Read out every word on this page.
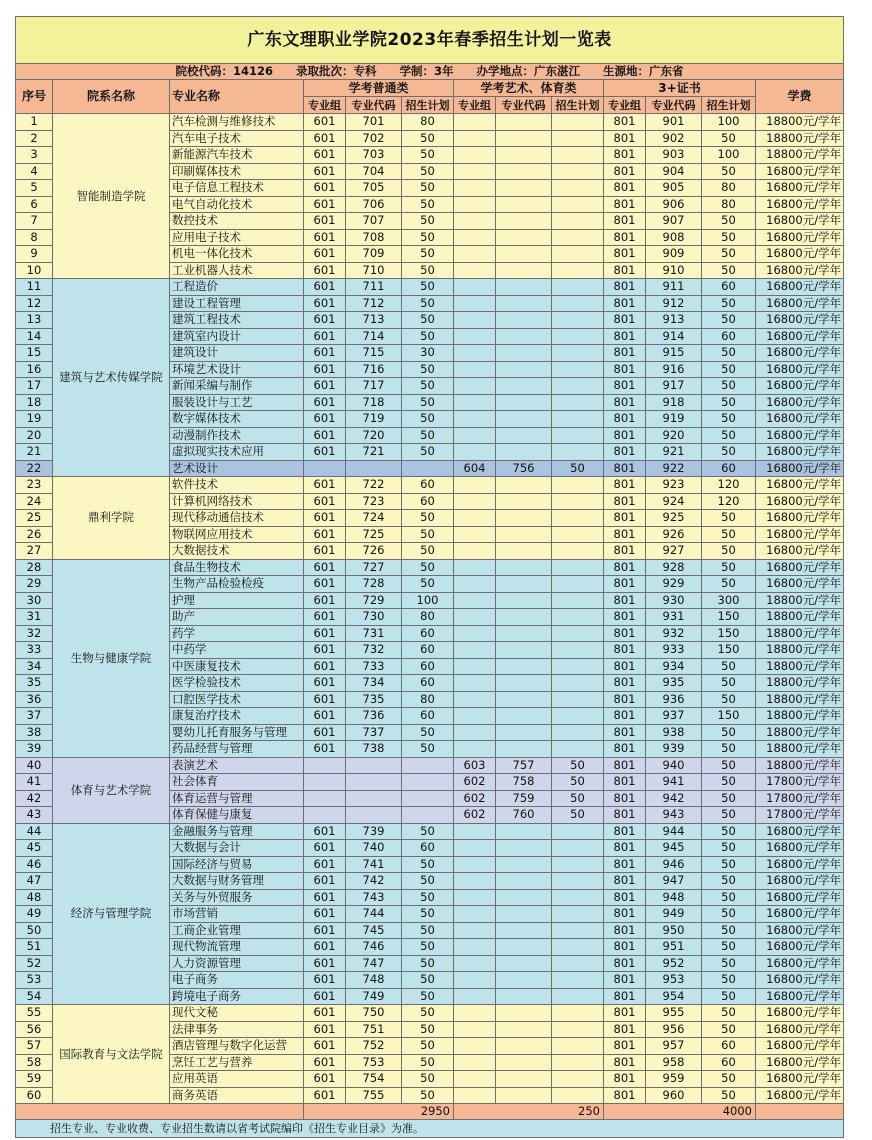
广东文理职业学院2023年春季招生计划一览表												
院校代码：14126　　录取批次：专科　　学制：3年　　办学地点：广东湛江　　生源地：广东省												
序号	院系名称	专业名称	学考普通类			学考艺术、体育类			3+证书			学费
			专业组	专业代码	招生计划	专业组	专业代码	招生计划	专业组	专业代码	招生计划	
1	智能制造学院	汽车检测与维修技术	601	701	80				801	901	100	18800元/学年
2		汽车电子技术	601	702	50				801	902	50	18800元/学年
3		新能源汽车技术	601	703	50				801	903	100	18800元/学年
4		印刷媒体技术	601	704	50				801	904	50	16800元/学年
5		电子信息工程技术	601	705	50				801	905	80	16800元/学年
6		电气自动化技术	601	706	50				801	906	80	16800元/学年
7		数控技术	601	707	50				801	907	50	16800元/学年
8		应用电子技术	601	708	50				801	908	50	16800元/学年
9		机电一体化技术	601	709	50				801	909	50	16800元/学年
10		工业机器人技术	601	710	50				801	910	50	16800元/学年
11	建筑与艺术传媒学院	工程造价	601	711	50				801	911	60	16800元/学年
12		建设工程管理	601	712	50				801	912	50	16800元/学年
13		建筑工程技术	601	713	50				801	913	50	16800元/学年
14		建筑室内设计	601	714	50				801	914	60	16800元/学年
15		建筑设计	601	715	30				801	915	50	16800元/学年
16		环境艺术设计	601	716	50				801	916	50	16800元/学年
17		新闻采编与制作	601	717	50				801	917	50	16800元/学年
18		服装设计与工艺	601	718	50				801	918	50	16800元/学年
19		数字媒体技术	601	719	50				801	919	50	16800元/学年
20		动漫制作技术	601	720	50				801	920	50	16800元/学年
21		虚拟现实技术应用	601	721	50				801	921	50	16800元/学年
22		艺术设计				604	756	50	801	922	60	16800元/学年
23	鼎利学院	软件技术	601	722	60				801	923	120	16800元/学年
24		计算机网络技术	601	723	60				801	924	120	16800元/学年
25		现代移动通信技术	601	724	50				801	925	50	16800元/学年
26		物联网应用技术	601	725	50				801	926	50	16800元/学年
27		大数据技术	601	726	50				801	927	50	16800元/学年
28	生物与健康学院	食品生物技术	601	727	50				801	928	50	16800元/学年
29		生物产品检验检疫	601	728	50				801	929	50	16800元/学年
30		护理	601	729	100				801	930	300	18800元/学年
31		助产	601	730	80				801	931	150	18800元/学年
32		药学	601	731	60				801	932	150	18800元/学年
33		中药学	601	732	60				801	933	150	18800元/学年
34		中医康复技术	601	733	60				801	934	50	18800元/学年
35		医学检验技术	601	734	60				801	935	50	18800元/学年
36		口腔医学技术	601	735	80				801	936	50	18800元/学年
37		康复治疗技术	601	736	60				801	937	150	18800元/学年
38		婴幼儿托育服务与管理	601	737	50				801	938	50	18800元/学年
39		药品经营与管理	601	738	50				801	939	50	18800元/学年
40	体育与艺术学院	表演艺术				603	757	50	801	940	50	18800元/学年
41		社会体育				602	758	50	801	941	50	17800元/学年
42		体育运营与管理				602	759	50	801	942	50	17800元/学年
43		体育保健与康复				602	760	50	801	943	50	17800元/学年
44	经济与管理学院	金融服务与管理	601	739	50				801	944	50	16800元/学年
45		大数据与会计	601	740	60				801	945	50	16800元/学年
46		国际经济与贸易	601	741	50				801	946	50	16800元/学年
47		大数据与财务管理	601	742	50				801	947	50	16800元/学年
48		关务与外贸服务	601	743	50				801	948	50	16800元/学年
49		市场营销	601	744	50				801	949	50	16800元/学年
50		工商企业管理	601	745	50				801	950	50	16800元/学年
51		现代物流管理	601	746	50				801	951	50	16800元/学年
52		人力资源管理	601	747	50				801	952	50	16800元/学年
53		电子商务	601	748	50				801	953	50	16800元/学年
54		跨境电子商务	601	749	50				801	954	50	16800元/学年
55	国际教育与文法学院	现代文秘	601	750	50				801	955	50	16800元/学年
56		法律事务	601	751	50				801	956	50	16800元/学年
57		酒店管理与数字化运营	601	752	50				801	957	60	16800元/学年
58		烹饪工艺与营养	601	753	50				801	958	60	16800元/学年
59		应用英语	601	754	50				801	959	50	16800元/学年
60		商务英语	601	755	50				801	960	50	16800元/学年
			2950			250			4000			
招生专业、专业收费、专业招生数请以省考试院编印《招生专业目录》为准。												
